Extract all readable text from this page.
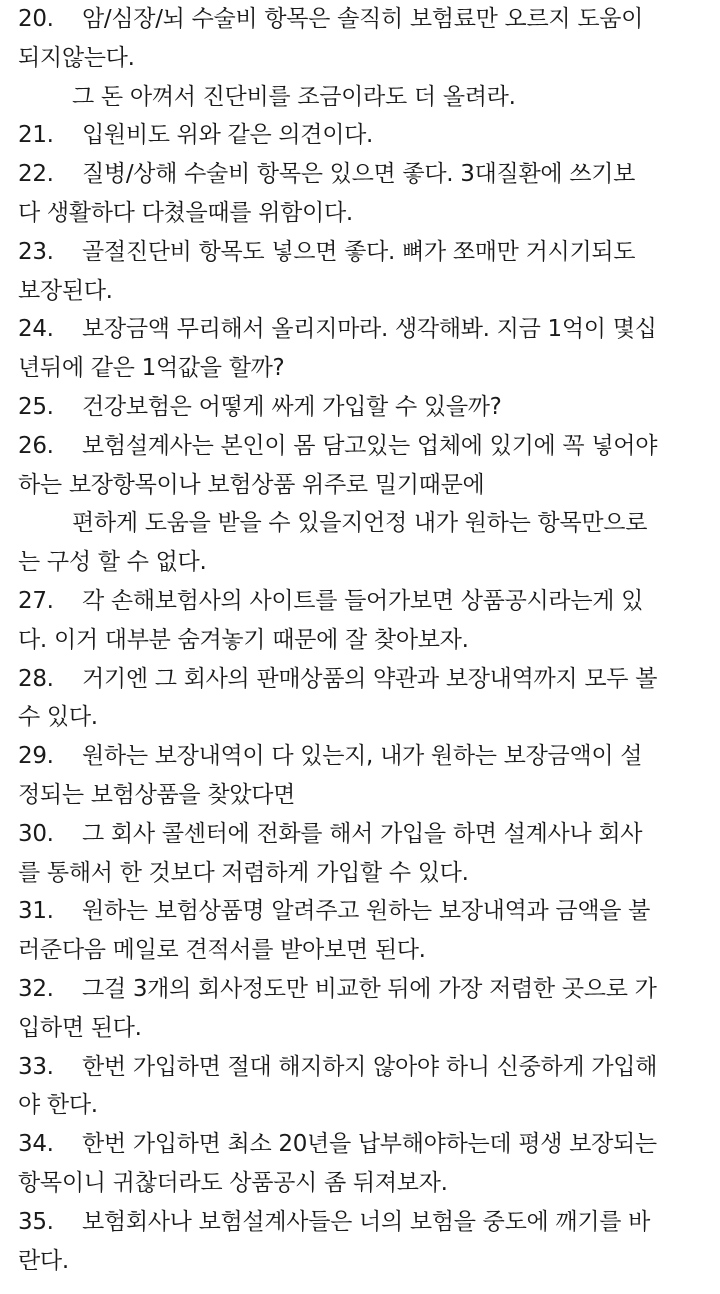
20. 암/심장/뇌 수술비 항목은 솔직히 보험료만 오르지 도움이
되지않는다.
그 돈 아껴서 진단비를 조금이라도 더 올려라.
21. 입원비도 위와 같은 의견이다.
22. 질병/상해 수술비 항목은 있으면 좋다. 3대질환에 쓰기보
다 생활하다 다쳤을때를 위함이다.
23. 골절진단비 항목도 넣으면 좋다. 뼈가 쪼매만 거시기되도
보장된다.
24. 보장금액 무리해서 올리지마라. 생각해봐. 지금 1억이 몇십
년뒤에 같은 1억값을 할까?
25. 건강보험은 어떻게 싸게 가입할 수 있을까?
26. 보험설계사는 본인이 몸 담고있는 업체에 있기에 꼭 넣어야
하는 보장항목이나 보험상품 위주로 밀기때문에
편하게 도움을 받을 수 있을지언정 내가 원하는 항목만으로
는 구성 할 수 없다.
27. 각 손해보험사의 사이트를 들어가보면 상품공시라는게 있
다. 이거 대부분 숨겨놓기 때문에 잘 찾아보자.
28. 거기엔 그 회사의 판매상품의 약관과 보장내역까지 모두 볼
수 있다.
29. 원하는 보장내역이 다 있는지, 내가 원하는 보장금액이 설
정되는 보험상품을 찾았다면
30. 그 회사 콜센터에 전화를 해서 가입을 하면 설계사나 회사
를 통해서 한 것보다 저렴하게 가입할 수 있다.
31. 원하는 보험상품명 알려주고 원하는 보장내역과 금액을 불
러준다음 메일로 견적서를 받아보면 된다.
32. 그걸 3개의 회사정도만 비교한 뒤에 가장 저렴한 곳으로 가
입하면 된다.
33. 한번 가입하면 절대 해지하지 않아야 하니 신중하게 가입해
야 한다.
34. 한번 가입하면 최소 20년을 납부해야하는데 평생 보장되는
항목이니 귀찮더라도 상품공시 좀 뒤져보자.
35. 보험회사나 보험설계사들은 너의 보험을 중도에 깨기를 바
란다.
